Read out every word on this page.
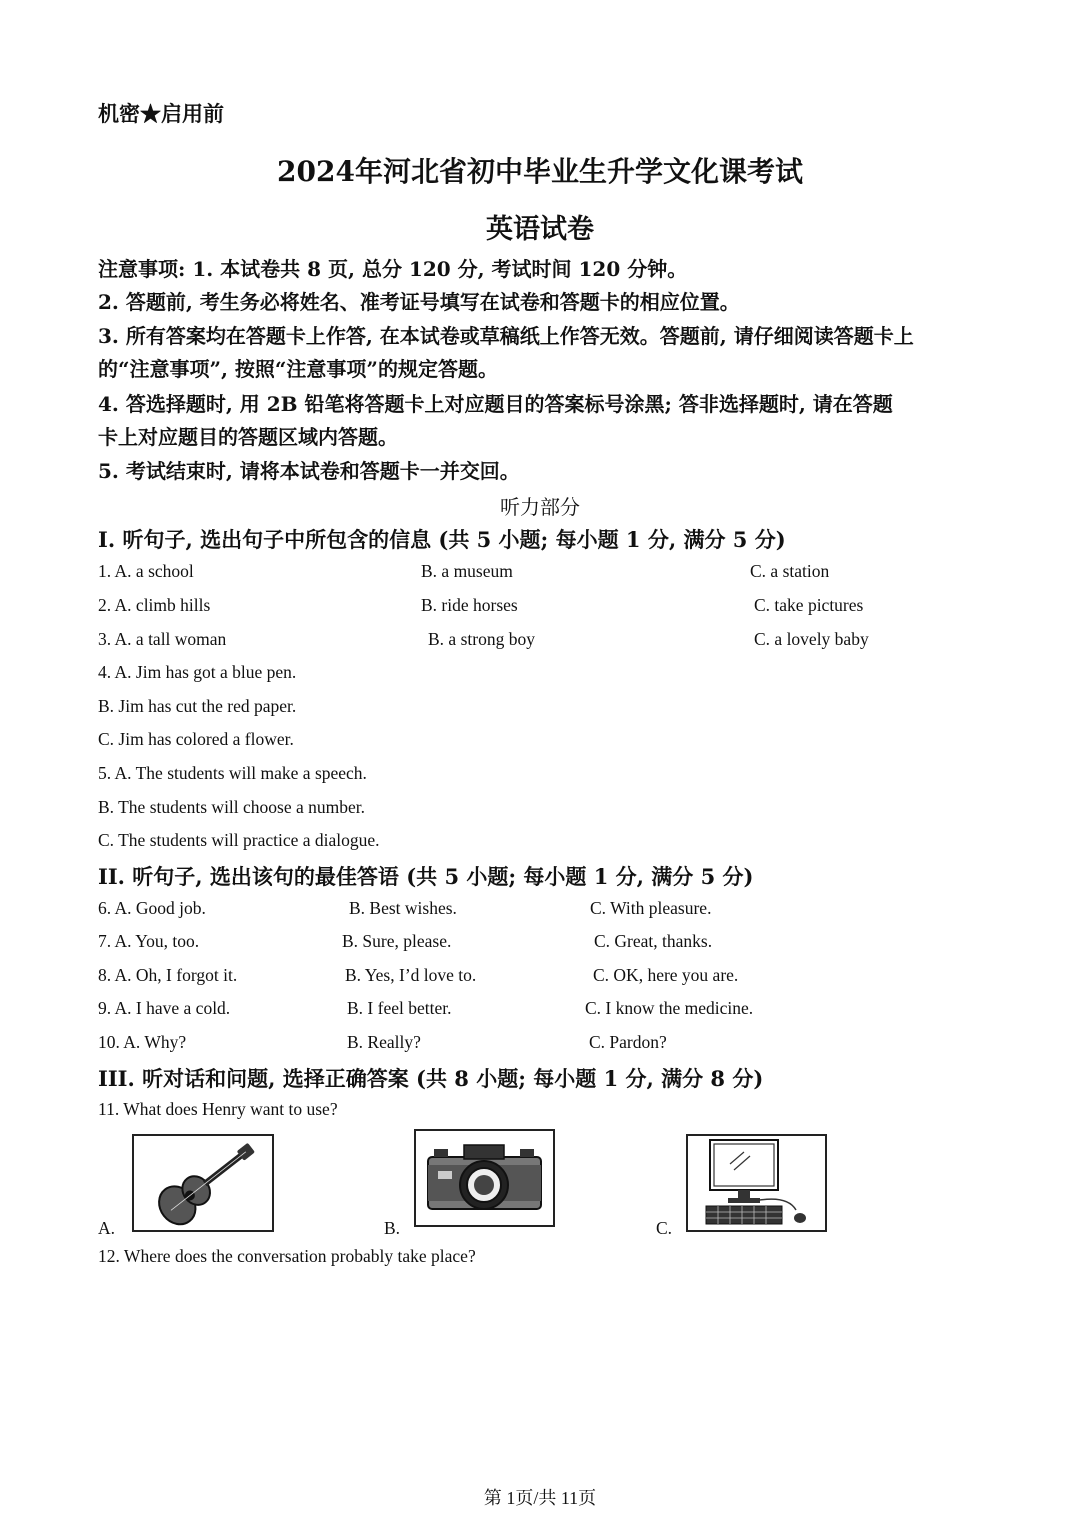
机密★启用前
2024年河北省初中毕业生升学文化课考试
英语试卷
注意事项: 1. 本试卷共 8 页, 总分 120 分, 考试时间 120 分钟。
2. 答题前, 考生务必将姓名、准考证号填写在试卷和答题卡的相应位置。
3. 所有答案均在答题卡上作答, 在本试卷或草稿纸上作答无效。答题前, 请仔细阅读答题卡上
的“注意事项”, 按照“注意事项”的规定答题。
4. 答选择题时, 用 2B 铅笔将答题卡上对应题目的答案标号涂黑; 答非选择题时, 请在答题
卡上对应题目的答题区域内答题。
5. 考试结束时, 请将本试卷和答题卡一并交回。
听力部分
I. 听句子, 选出句子中所包含的信息 (共 5 小题; 每小题 1 分, 满分 5 分)
1. A. a school	B. a museum	C. a station
2. A. climb hills	B. ride horses	C. take pictures
3. A. a tall woman	B. a strong boy	C. a lovely baby
4. A. Jim has got a blue pen.
B. Jim has cut the red paper.
C. Jim has colored a flower.
5. A. The students will make a speech.
B. The students will choose a number.
C. The students will practice a dialogue.
II. 听句子, 选出该句的最佳答语 (共 5 小题; 每小题 1 分, 满分 5 分)
6. A. Good job.	B. Best wishes.	C. With pleasure.
7. A. You, too.	B. Sure, please.	C. Great, thanks.
8. A. Oh, I forgot it.	B. Yes, I’d love to.	C. OK, here you are.
9. A. I have a cold.	B. I feel better.	C. I know the medicine.
10. A. Why?	B. Really?	C. Pardon?
III. 听对话和问题, 选择正确答案 (共 8 小题; 每小题 1 分, 满分 8 分)
11. What does Henry want to use?
A.	B.	C.
12. Where does the conversation probably take place?
第 1页/共 11页
